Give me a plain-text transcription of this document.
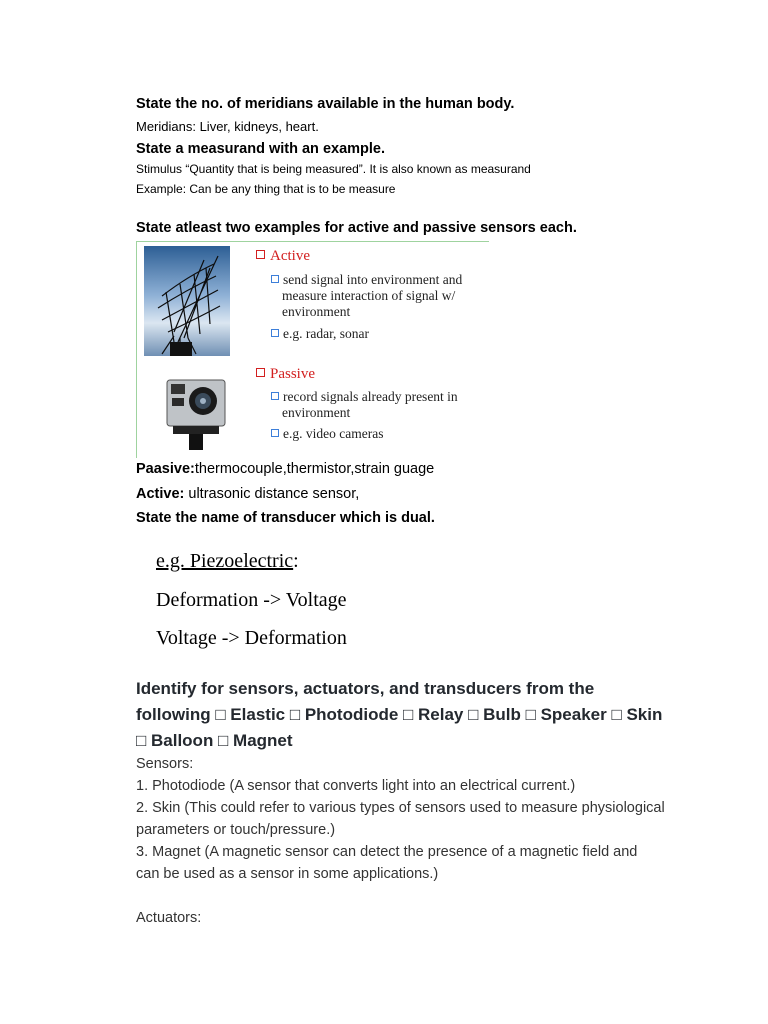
State the no. of meridians available in the human body.
Meridians: Liver, kidneys, heart.
State a measurand with an example.
Stimulus “Quantity that is being measured”. It is also known as measurand
Example: Can be any thing that is to be measure
State atleast two examples for active and passive sensors each.
Active
send signal into environment and
measure interaction of signal w/
environment
e.g. radar, sonar
Passive
record signals already present in
environment
e.g. video cameras
Paasive:thermocouple,thermistor,strain guage
Active: ultrasonic distance sensor,
State the name of transducer which is dual.
e.g. Piezoelectric:
Deformation -> Voltage
Voltage -> Deformation
Identify for sensors, actuators, and transducers from the
following □ Elastic □ Photodiode □ Relay □ Bulb □ Speaker □ Skin
□ Balloon □ Magnet
Sensors:
1. Photodiode (A sensor that converts light into an electrical current.)
2. Skin (This could refer to various types of sensors used to measure physiological
parameters or touch/pressure.)
3. Magnet (A magnetic sensor can detect the presence of a magnetic field and
can be used as a sensor in some applications.)
Actuators:
